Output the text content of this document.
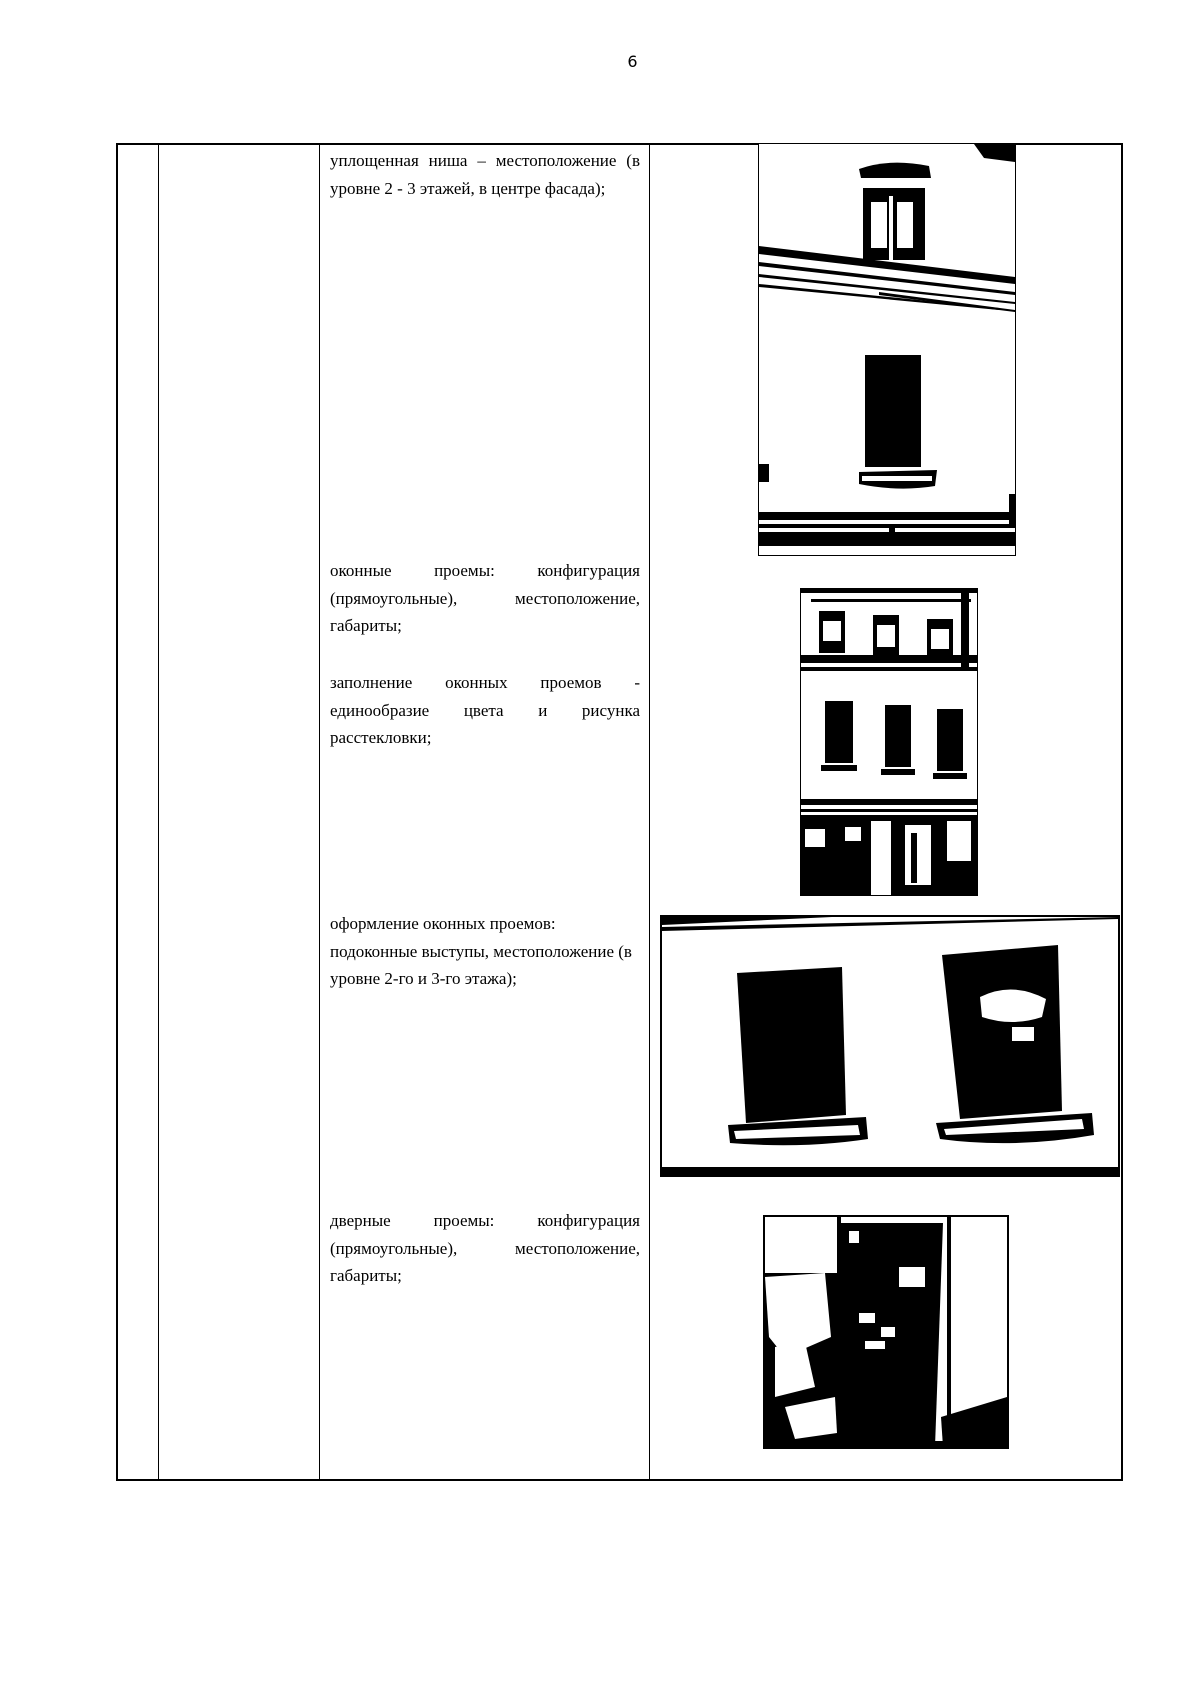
6
уплощенная ниша – местоположение (в уровне 2 - 3 этажей, в центре фасада);
оконные проемы: конфигурация (прямоугольные), местоположение, габариты;
заполнение оконных проемов - единообразие цвета и рисунка расстекловки;
оформление оконных проемов: подоконные выступы, местоположение (в уровне 2-го и 3-го этажа);
дверные проемы: конфигурация (прямоугольные), местоположение, габариты;
